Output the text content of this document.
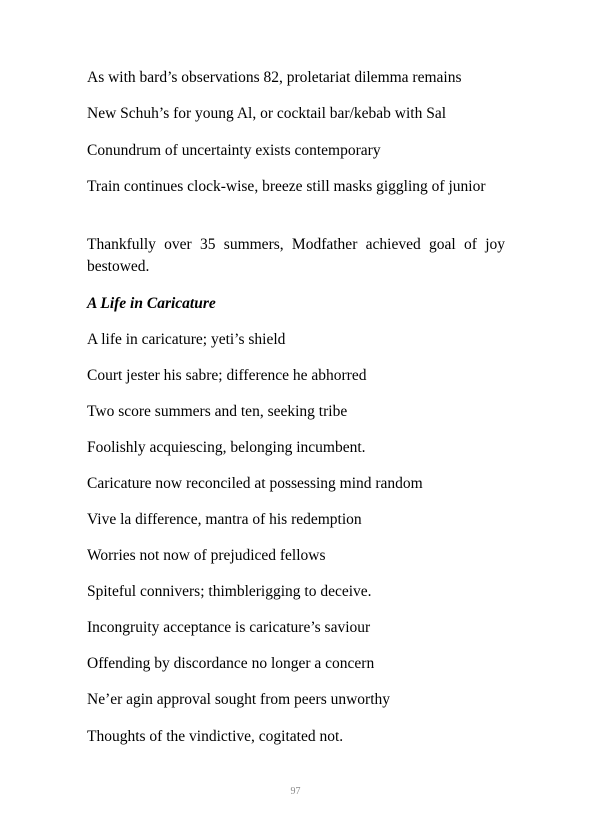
As with bard’s observations 82, proletariat dilemma remains

New Schuh’s for young Al, or cocktail bar/kebab with Sal

Conundrum of uncertainty exists contemporary

Train continues clock-wise, breeze still masks giggling of junior

Thankfully over 35 summers, Modfather achieved goal of joy bestowed.

A Life in Caricature

A life in caricature; yeti’s shield

Court jester his sabre; difference he abhorred

Two score summers and ten, seeking tribe

Foolishly acquiescing, belonging incumbent.

Caricature now reconciled at possessing mind random

Vive la difference, mantra of his redemption

Worries not now of prejudiced fellows

Spiteful connivers; thimblerigging to deceive.

Incongruity acceptance is caricature’s saviour

Offending by discordance no longer a concern

Ne’er agin approval sought from peers unworthy

Thoughts of the vindictive, cogitated not.

97
